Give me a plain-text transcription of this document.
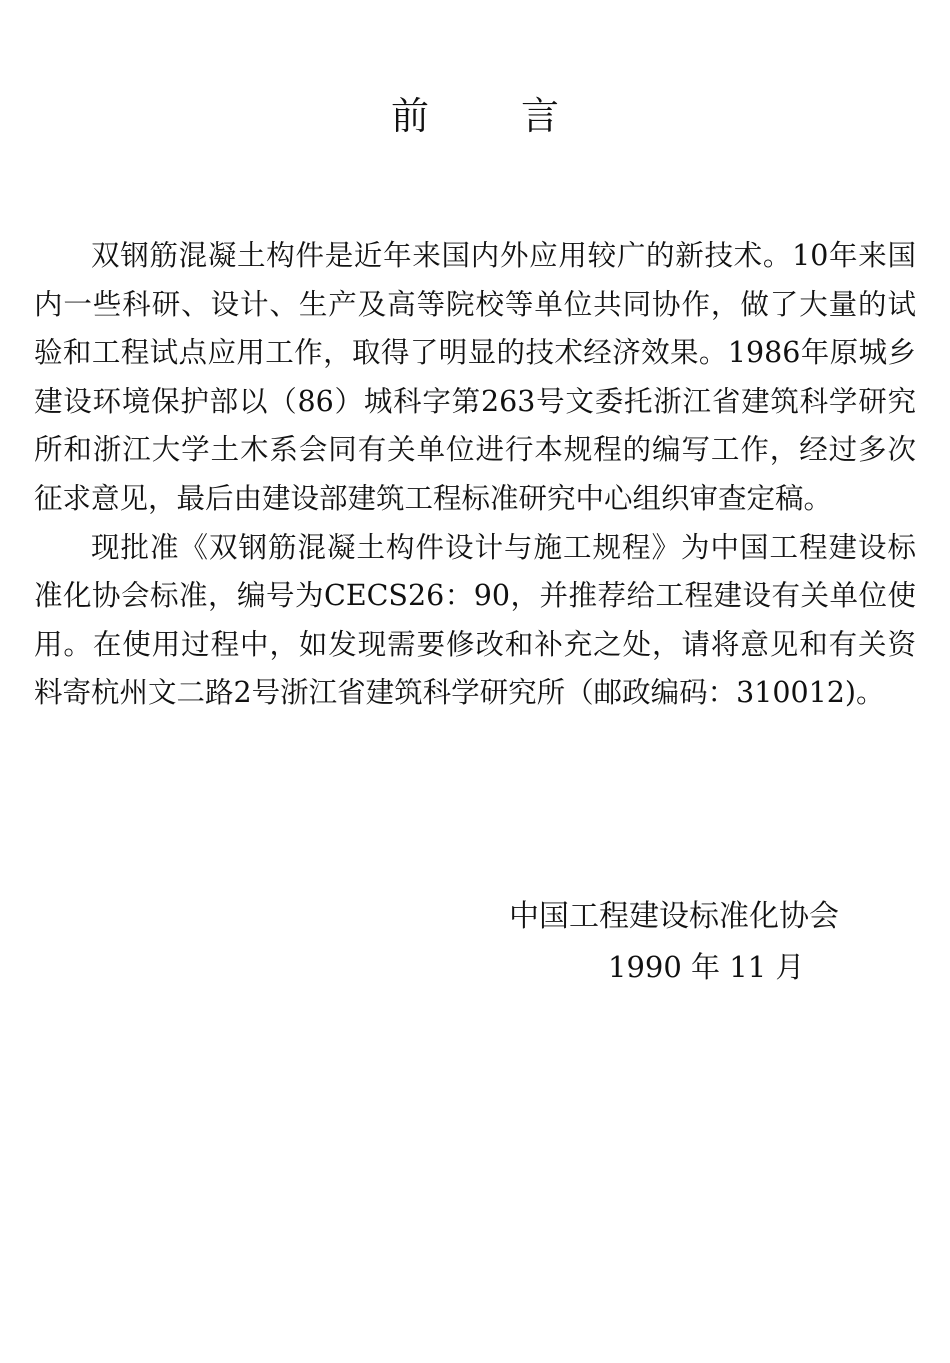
前 言

双钢筋混凝土构件是近年来国内外应用较广的新技术。10年来国内一些科研、设计、生产及高等院校等单位共同协作，做了大量的试验和工程试点应用工作，取得了明显的技术经济效果。1986年原城乡建设环境保护部以（86）城科字第263号文委托浙江省建筑科学研究所和浙江大学土木系会同有关单位进行本规程的编写工作，经过多次征求意见，最后由建设部建筑工程标准研究中心组织审查定稿。

现批准《双钢筋混凝土构件设计与施工规程》为中国工程建设标准化协会标准，编号为CECS26：90，并推荐给工程建设有关单位使用。在使用过程中，如发现需要修改和补充之处，请将意见和有关资料寄杭州文二路2号浙江省建筑科学研究所（邮政编码：310012)。

中国工程建设标准化协会
1990 年 11 月
